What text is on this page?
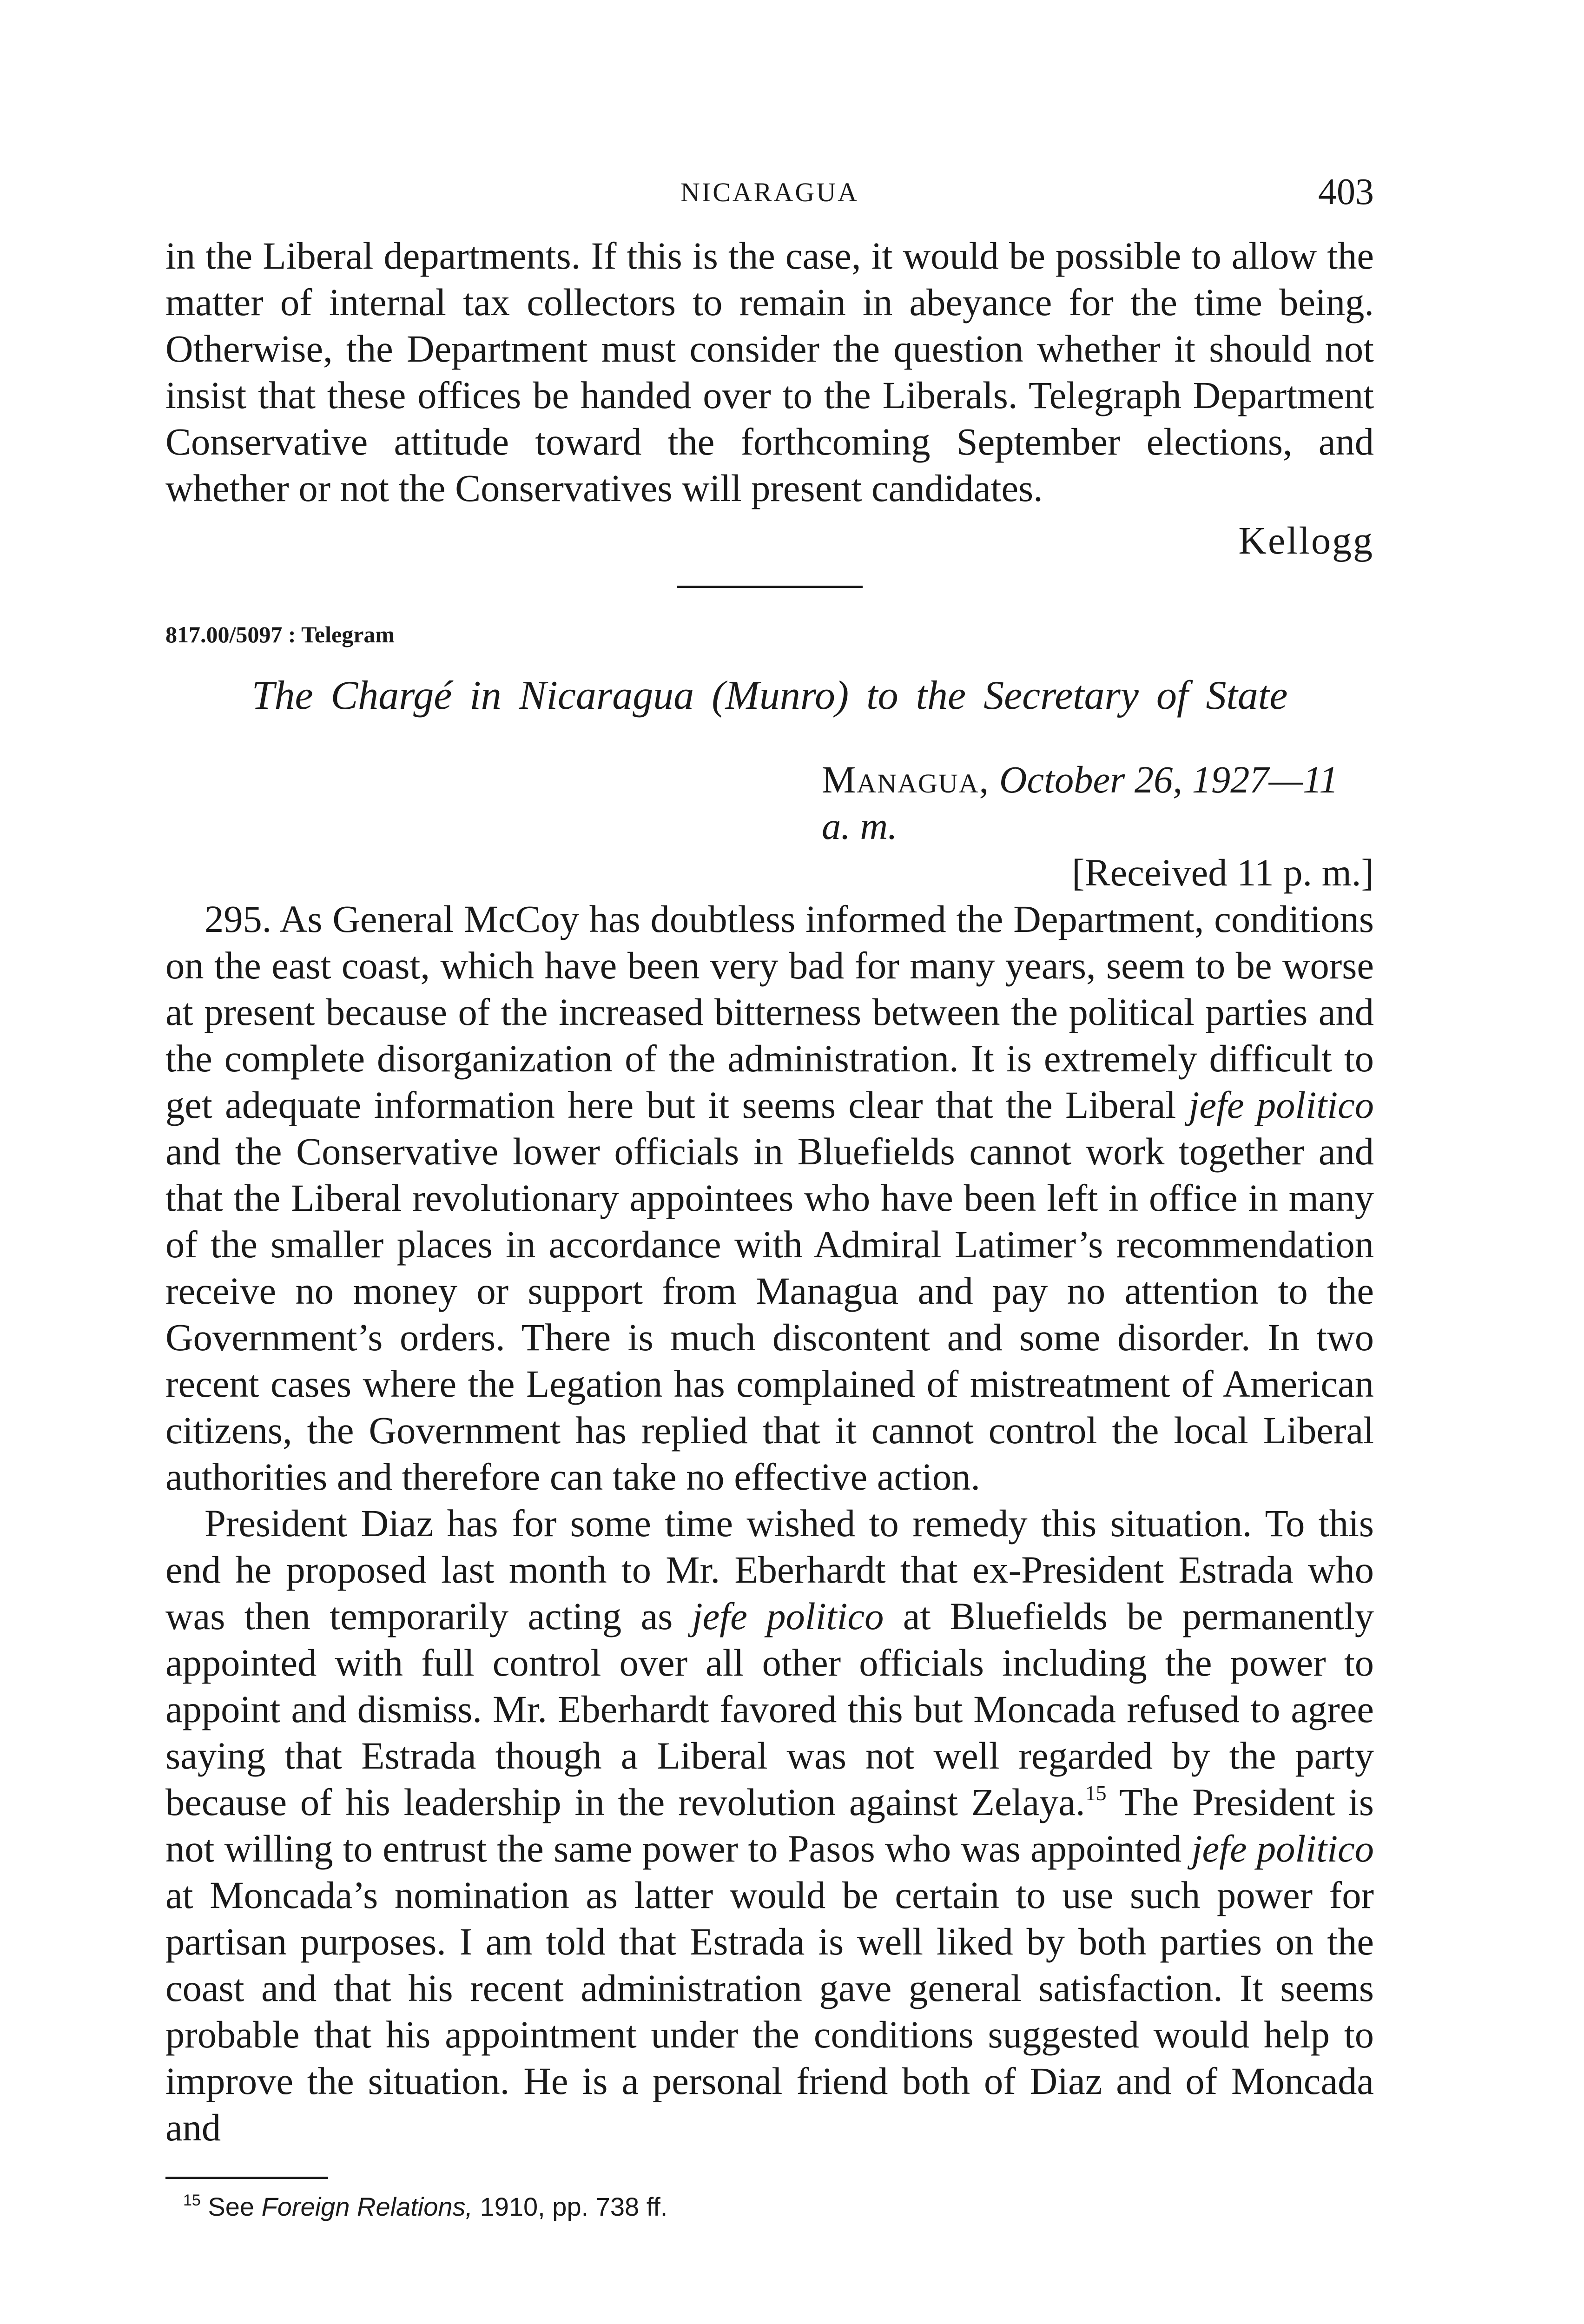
NICARAGUA	403

in the Liberal departments. If this is the case, it would be possible to allow the matter of internal tax collectors to remain in abeyance for the time being. Otherwise, the Department must consider the question whether it should not insist that these offices be handed over to the Liberals. Telegraph Department Conservative attitude toward the forthcoming September elections, and whether or not the Conservatives will present candidates.

Kellogg
817.00/5097 : Telegram
The Chargé in Nicaragua (Munro) to the Secretary of State
Managua, October 26, 1927—11 a. m.
[Received 11 p. m.]

295. As General McCoy has doubtless informed the Department, conditions on the east coast, which have been very bad for many years, seem to be worse at present because of the increased bitterness between the political parties and the complete disorganization of the administration. It is extremely difficult to get adequate information here but it seems clear that the Liberal jefe politico and the Conservative lower officials in Bluefields cannot work together and that the Liberal revolutionary appointees who have been left in office in many of the smaller places in accordance with Admiral Latimer’s recommendation receive no money or support from Managua and pay no attention to the Government’s orders. There is much discontent and some disorder. In two recent cases where the Legation has complained of mistreatment of American citizens, the Government has replied that it cannot control the local Liberal authorities and therefore can take no effective action.

President Diaz has for some time wished to remedy this situation. To this end he proposed last month to Mr. Eberhardt that ex-President Estrada who was then temporarily acting as jefe politico at Bluefields be permanently appointed with full control over all other officials including the power to appoint and dismiss. Mr. Eberhardt favored this but Moncada refused to agree saying that Estrada though a Liberal was not well regarded by the party because of his leadership in the revolution against Zelaya.$^{15}$ The President is not willing to entrust the same power to Pasos who was appointed jefe politico at Moncada’s nomination as latter would be certain to use such power for partisan purposes. I am told that Estrada is well liked by both parties on the coast and that his recent administration gave general satisfaction. It seems probable that his appointment under the conditions suggested would help to improve the situation. He is a personal friend both of Diaz and of Moncada and

$^{15}$ See Foreign Relations, 1910, pp. 738 ff.
